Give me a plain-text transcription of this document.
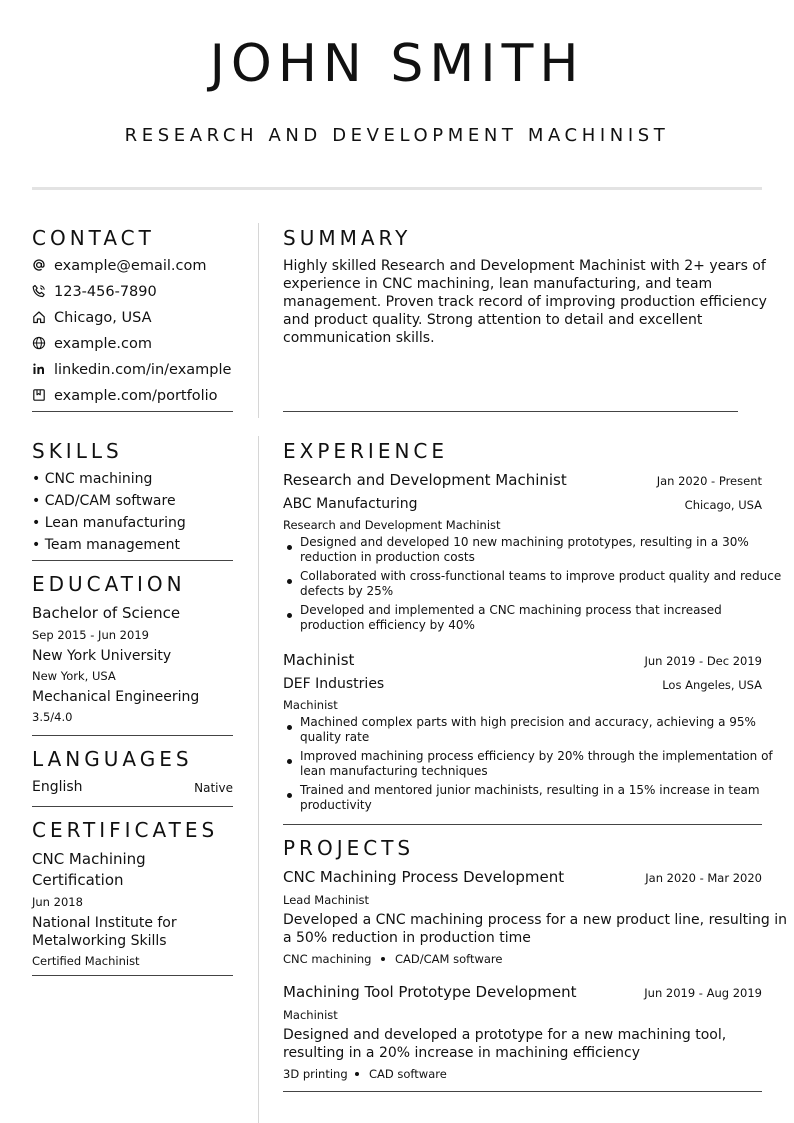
JOHN SMITH
RESEARCH AND DEVELOPMENT MACHINIST
CONTACT
example@email.com
123-456-7890
Chicago, USA
example.com
linkedin.com/in/example
example.com/portfolio
SKILLS
• CNC machining
• CAD/CAM software
• Lean manufacturing
• Team management
EDUCATION
Bachelor of Science
Sep 2015 - Jun 2019
New York University
New York, USA
Mechanical Engineering
3.5/4.0
LANGUAGES
English	Native
CERTIFICATES
CNC Machining
Certification
Jun 2018
National Institute for
Metalworking Skills
Certified Machinist
SUMMARY
Highly skilled Research and Development Machinist with 2+ years of
experience in CNC machining, lean manufacturing, and team
management. Proven track record of improving production efficiency
and product quality. Strong attention to detail and excellent
communication skills.
EXPERIENCE
Research and Development Machinist	Jan 2020 - Present
ABC Manufacturing	Chicago, USA
Research and Development Machinist
Designed and developed 10 new machining prototypes, resulting in a 30%
reduction in production costs
Collaborated with cross-functional teams to improve product quality and reduce
defects by 25%
Developed and implemented a CNC machining process that increased
production efficiency by 40%
Machinist	Jun 2019 - Dec 2019
DEF Industries	Los Angeles, USA
Machinist
Machined complex parts with high precision and accuracy, achieving a 95%
quality rate
Improved machining process efficiency by 20% through the implementation of
lean manufacturing techniques
Trained and mentored junior machinists, resulting in a 15% increase in team
productivity
PROJECTS
CNC Machining Process Development	Jan 2020 - Mar 2020
Lead Machinist
Developed a CNC machining process for a new product line, resulting in
a 50% reduction in production time
CNC machining CAD/CAM software
Machining Tool Prototype Development	Jun 2019 - Aug 2019
Machinist
Designed and developed a prototype for a new machining tool,
resulting in a 20% increase in machining efficiency
3D printing CAD software
